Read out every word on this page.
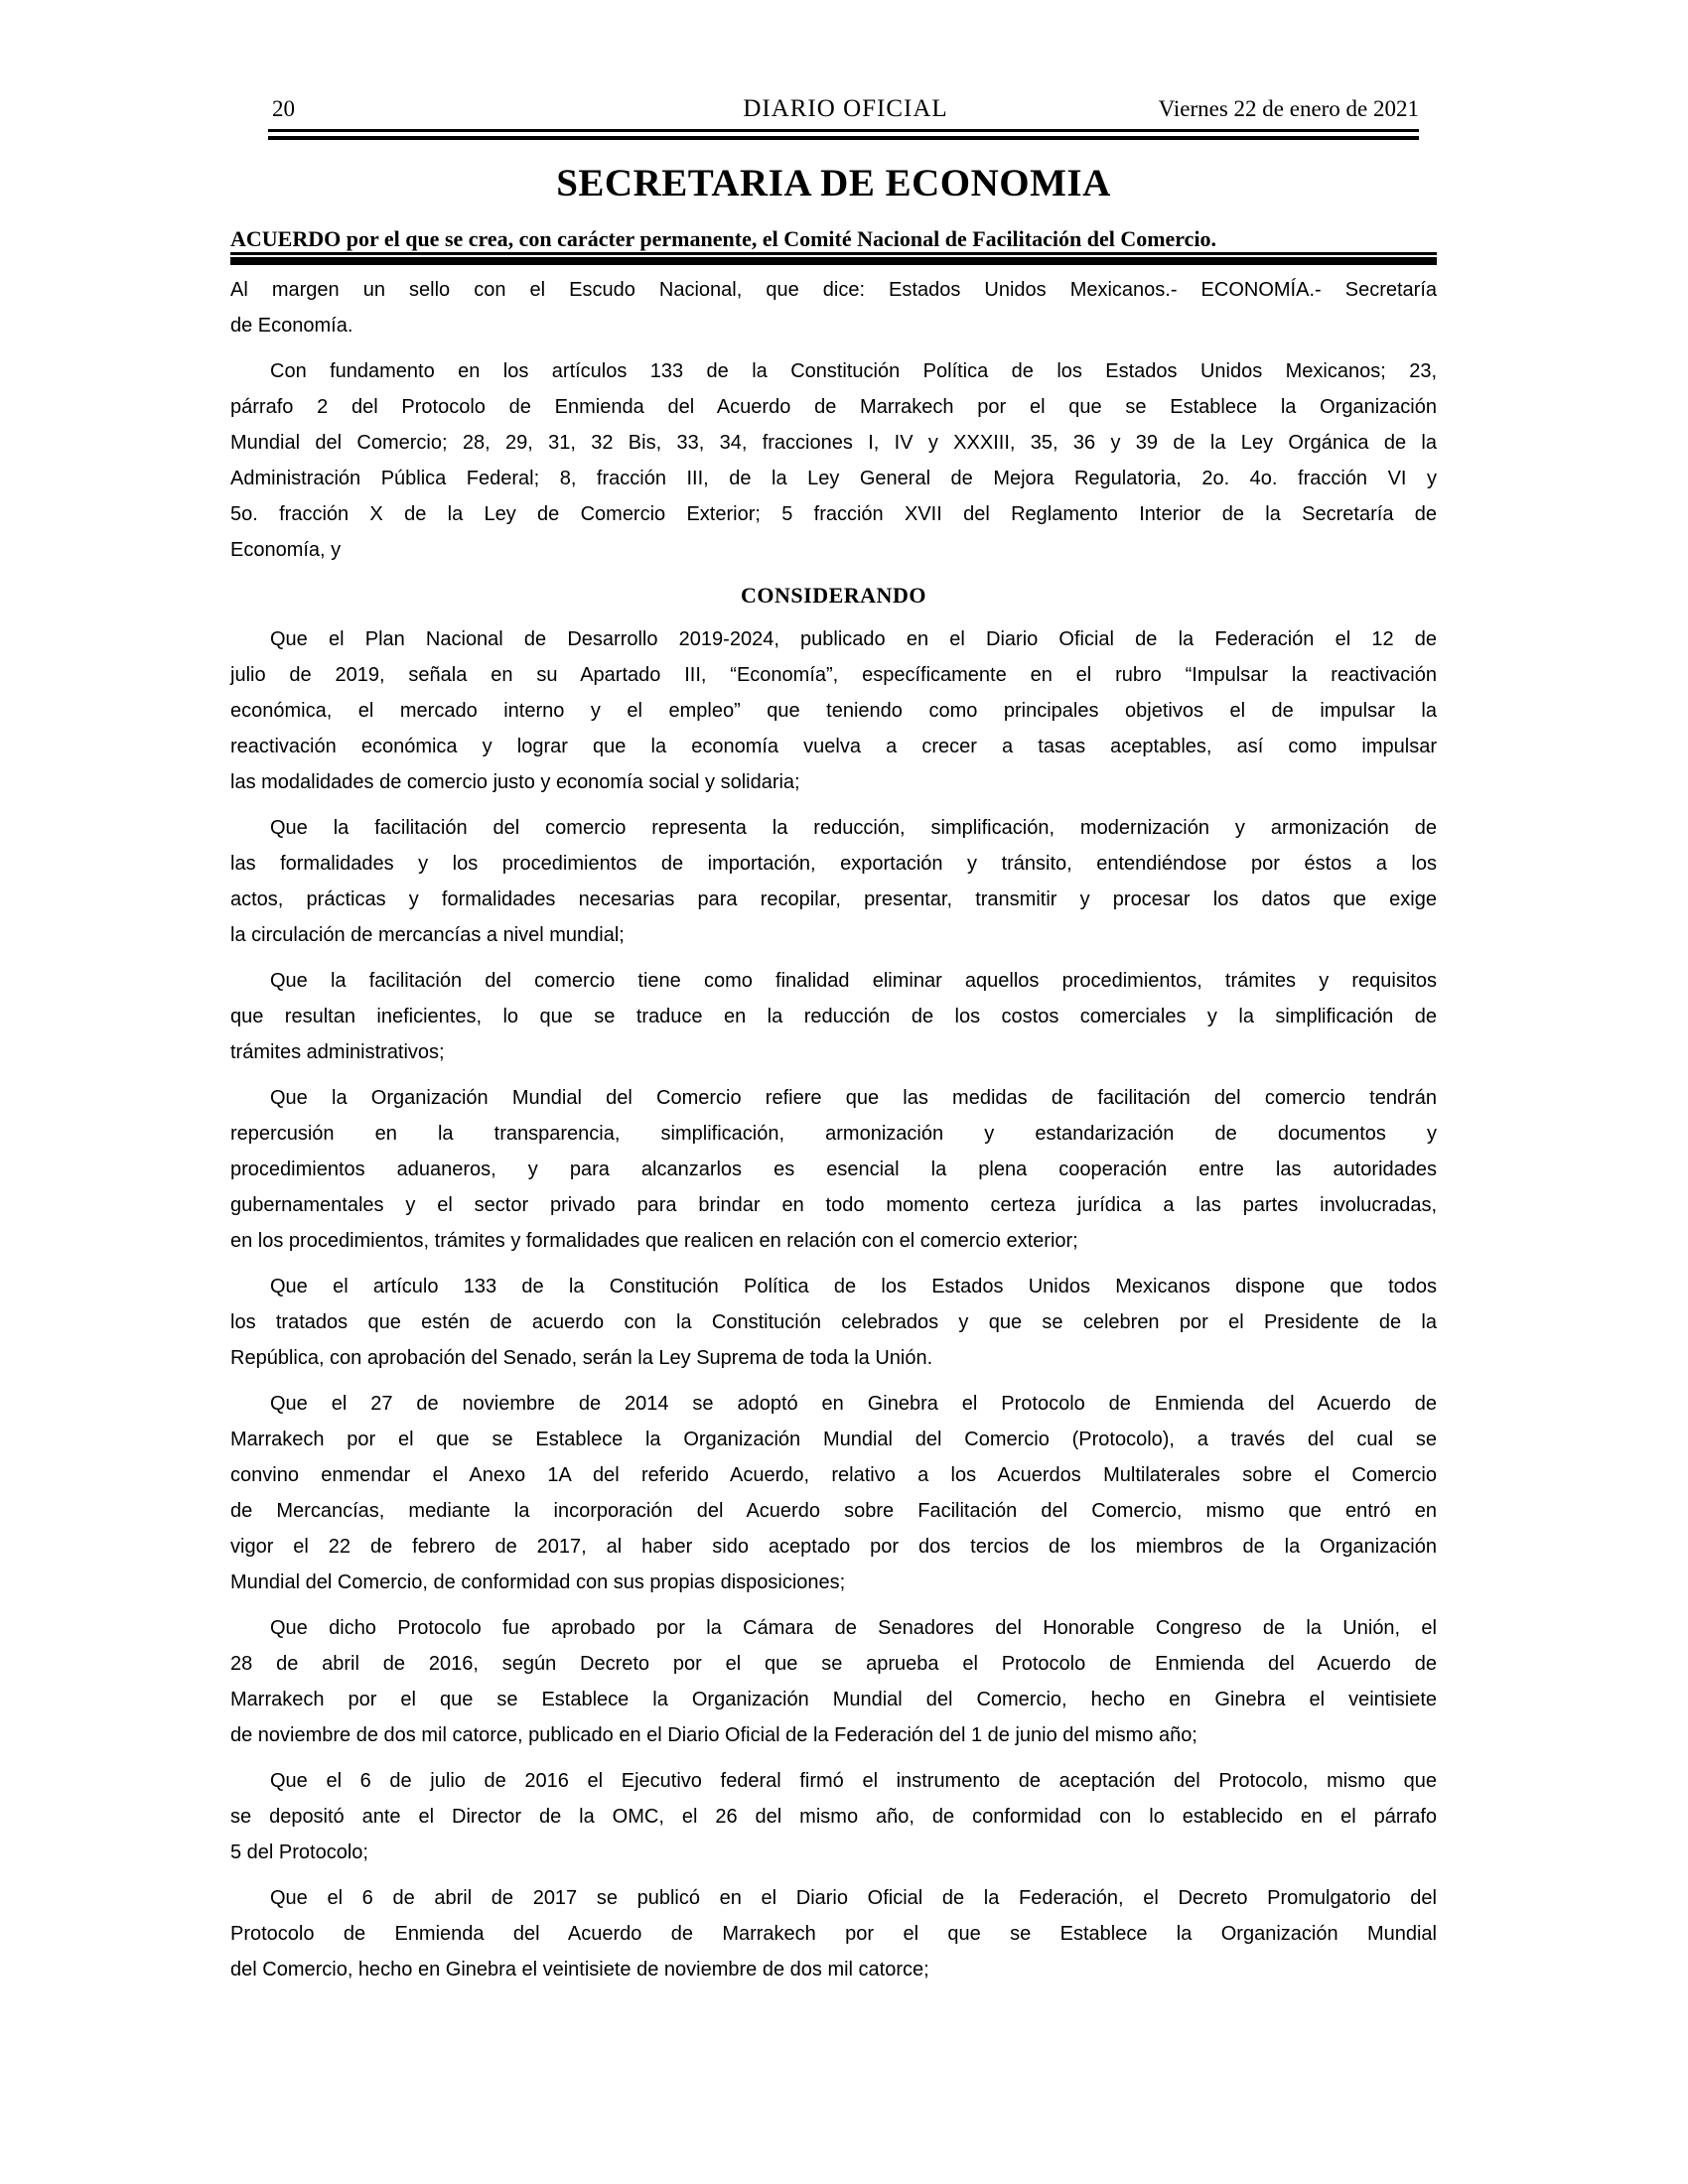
20	DIARIO OFICIAL	Viernes 22 de enero de 2021
SECRETARIA DE ECONOMIA
ACUERDO por el que se crea, con carácter permanente, el Comité Nacional de Facilitación del Comercio.

Al margen un sello con el Escudo Nacional, que dice: Estados Unidos Mexicanos.- ECONOMÍA.- Secretaría
de Economía.

Con fundamento en los artículos 133 de la Constitución Política de los Estados Unidos Mexicanos; 23,
párrafo 2 del Protocolo de Enmienda del Acuerdo de Marrakech por el que se Establece la Organización
Mundial del Comercio; 28, 29, 31, 32 Bis, 33, 34, fracciones I, IV y XXXIII, 35, 36 y 39 de la Ley Orgánica de la
Administración Pública Federal; 8, fracción III, de la Ley General de Mejora Regulatoria, 2o. 4o. fracción VI y
5o. fracción X de la Ley de Comercio Exterior; 5 fracción XVII del Reglamento Interior de la Secretaría de
Economía, y

CONSIDERANDO

Que el Plan Nacional de Desarrollo 2019-2024, publicado en el Diario Oficial de la Federación el 12 de
julio de 2019, señala en su Apartado III, “Economía”, específicamente en el rubro “Impulsar la reactivación
económica, el mercado interno y el empleo” que teniendo como principales objetivos el de impulsar la
reactivación económica y lograr que la economía vuelva a crecer a tasas aceptables, así como impulsar
las modalidades de comercio justo y economía social y solidaria;

Que la facilitación del comercio representa la reducción, simplificación, modernización y armonización de
las formalidades y los procedimientos de importación, exportación y tránsito, entendiéndose por éstos a los
actos, prácticas y formalidades necesarias para recopilar, presentar, transmitir y procesar los datos que exige
la circulación de mercancías a nivel mundial;

Que la facilitación del comercio tiene como finalidad eliminar aquellos procedimientos, trámites y requisitos
que resultan ineficientes, lo que se traduce en la reducción de los costos comerciales y la simplificación de
trámites administrativos;

Que la Organización Mundial del Comercio refiere que las medidas de facilitación del comercio tendrán
repercusión en la transparencia, simplificación, armonización y estandarización de documentos y
procedimientos aduaneros, y para alcanzarlos es esencial la plena cooperación entre las autoridades
gubernamentales y el sector privado para brindar en todo momento certeza jurídica a las partes involucradas,
en los procedimientos, trámites y formalidades que realicen en relación con el comercio exterior;

Que el artículo 133 de la Constitución Política de los Estados Unidos Mexicanos dispone que todos
los tratados que estén de acuerdo con la Constitución celebrados y que se celebren por el Presidente de la
República, con aprobación del Senado, serán la Ley Suprema de toda la Unión.

Que el 27 de noviembre de 2014 se adoptó en Ginebra el Protocolo de Enmienda del Acuerdo de
Marrakech por el que se Establece la Organización Mundial del Comercio (Protocolo), a través del cual se
convino enmendar el Anexo 1A del referido Acuerdo, relativo a los Acuerdos Multilaterales sobre el Comercio
de Mercancías, mediante la incorporación del Acuerdo sobre Facilitación del Comercio, mismo que entró en
vigor el 22 de febrero de 2017, al haber sido aceptado por dos tercios de los miembros de la Organización
Mundial del Comercio, de conformidad con sus propias disposiciones;

Que dicho Protocolo fue aprobado por la Cámara de Senadores del Honorable Congreso de la Unión, el
28 de abril de 2016, según Decreto por el que se aprueba el Protocolo de Enmienda del Acuerdo de
Marrakech por el que se Establece la Organización Mundial del Comercio, hecho en Ginebra el veintisiete
de noviembre de dos mil catorce, publicado en el Diario Oficial de la Federación del 1 de junio del mismo año;

Que el 6 de julio de 2016 el Ejecutivo federal firmó el instrumento de aceptación del Protocolo, mismo que
se depositó ante el Director de la OMC, el 26 del mismo año, de conformidad con lo establecido en el párrafo
5 del Protocolo;

Que el 6 de abril de 2017 se publicó en el Diario Oficial de la Federación, el Decreto Promulgatorio del
Protocolo de Enmienda del Acuerdo de Marrakech por el que se Establece la Organización Mundial
del Comercio, hecho en Ginebra el veintisiete de noviembre de dos mil catorce;
